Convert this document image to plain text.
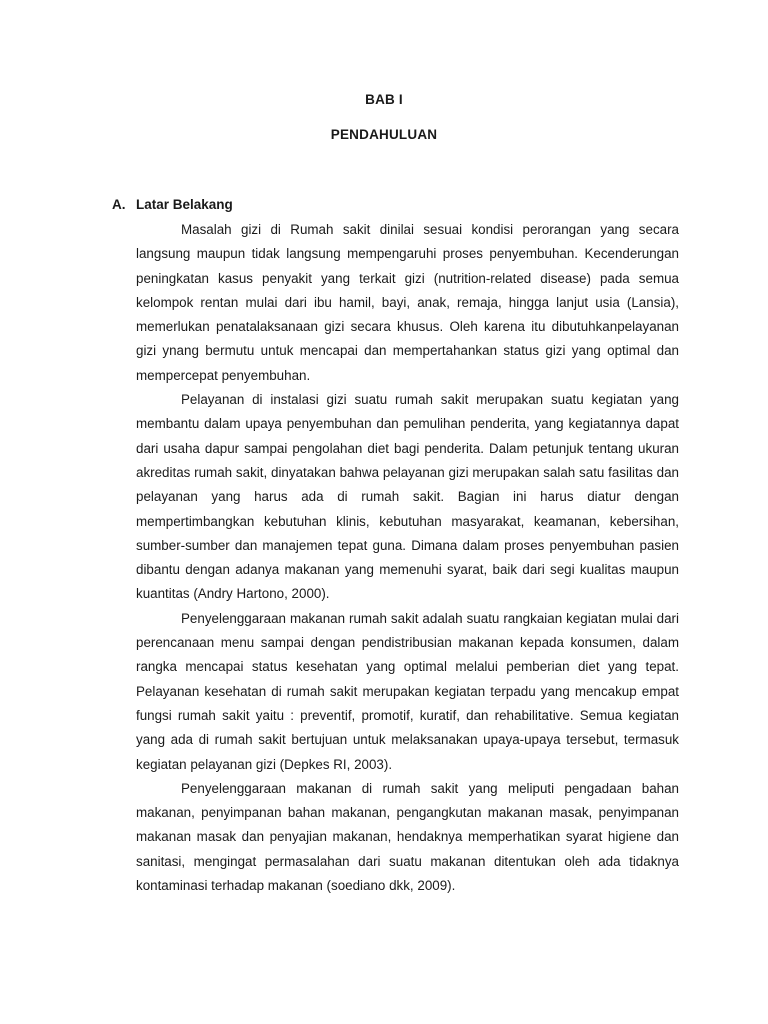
BAB I
PENDAHULUAN
A. Latar Belakang

Masalah gizi di Rumah sakit dinilai sesuai kondisi perorangan yang secara langsung maupun tidak langsung mempengaruhi proses penyembuhan. Kecenderungan peningkatan kasus penyakit yang terkait gizi (nutrition-related disease) pada semua kelompok rentan mulai dari ibu hamil, bayi, anak, remaja, hingga lanjut usia (Lansia), memerlukan penatalaksanaan gizi secara khusus. Oleh karena itu dibutuhkanpelayanan gizi ynang bermutu untuk mencapai dan mempertahankan status gizi yang optimal dan mempercepat penyembuhan.

Pelayanan di instalasi gizi suatu rumah sakit merupakan suatu kegiatan yang membantu dalam upaya penyembuhan dan pemulihan penderita, yang kegiatannya dapat dari usaha dapur sampai pengolahan diet bagi penderita. Dalam petunjuk tentang ukuran akreditas rumah sakit, dinyatakan bahwa pelayanan gizi merupakan salah satu fasilitas dan pelayanan yang harus ada di rumah sakit. Bagian ini harus diatur dengan mempertimbangkan kebutuhan klinis, kebutuhan masyarakat, keamanan, kebersihan, sumber-sumber dan manajemen tepat guna. Dimana dalam proses penyembuhan pasien dibantu dengan adanya makanan yang memenuhi syarat, baik dari segi kualitas maupun kuantitas (Andry Hartono, 2000).

Penyelenggaraan makanan rumah sakit adalah suatu rangkaian kegiatan mulai dari perencanaan menu sampai dengan pendistribusian makanan kepada konsumen, dalam rangka mencapai status kesehatan yang optimal melalui pemberian diet yang tepat. Pelayanan kesehatan di rumah sakit merupakan kegiatan terpadu yang mencakup empat fungsi rumah sakit yaitu : preventif, promotif, kuratif, dan rehabilitative. Semua kegiatan yang ada di rumah sakit bertujuan untuk melaksanakan upaya-upaya tersebut, termasuk kegiatan pelayanan gizi (Depkes RI, 2003).

Penyelenggaraan makanan di rumah sakit yang meliputi pengadaan bahan makanan, penyimpanan bahan makanan, pengangkutan makanan masak, penyimpanan makanan masak dan penyajian makanan, hendaknya memperhatikan syarat higiene dan sanitasi, mengingat permasalahan dari suatu makanan ditentukan oleh ada tidaknya kontaminasi terhadap makanan (soediano dkk, 2009).
